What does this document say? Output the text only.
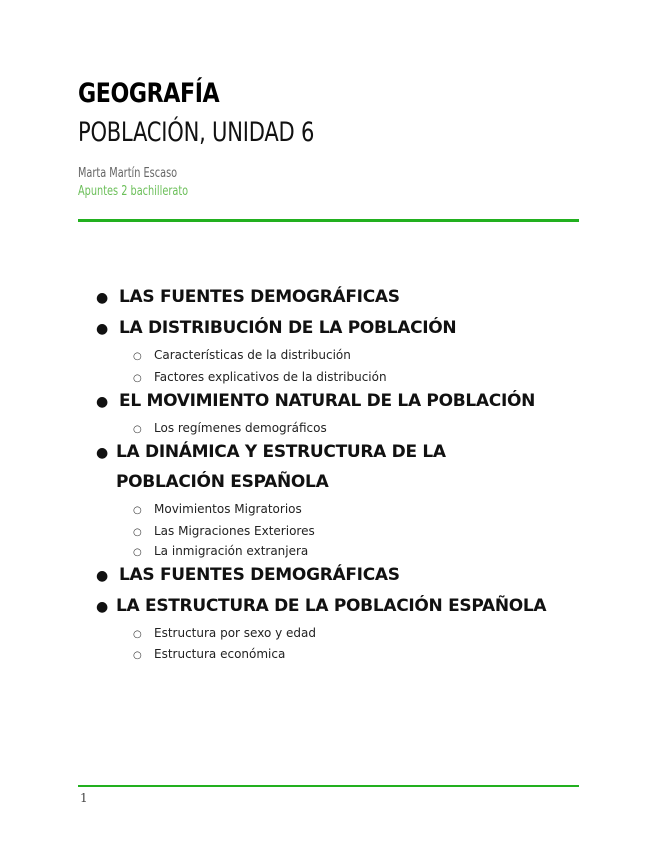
GEOGRAFÍA
POBLACIÓN, UNIDAD 6
Marta Martín Escaso
Apuntes 2 bachillerato
● LAS FUENTES DEMOGRÁFICAS
● LA DISTRIBUCIÓN DE LA POBLACIÓN
○ Características de la distribución
○ Factores explicativos de la distribución
● EL MOVIMIENTO NATURAL DE LA POBLACIÓN
○ Los regímenes demográficos
● LA DINÁMICA Y ESTRUCTURA DE LA POBLACIÓN ESPAÑOLA
○ Movimientos Migratorios
○ Las Migraciones Exteriores
○ La inmigración extranjera
● LAS FUENTES DEMOGRÁFICAS
● LA ESTRUCTURA DE LA POBLACIÓN ESPAÑOLA
○ Estructura por sexo y edad
○ Estructura económica
1
